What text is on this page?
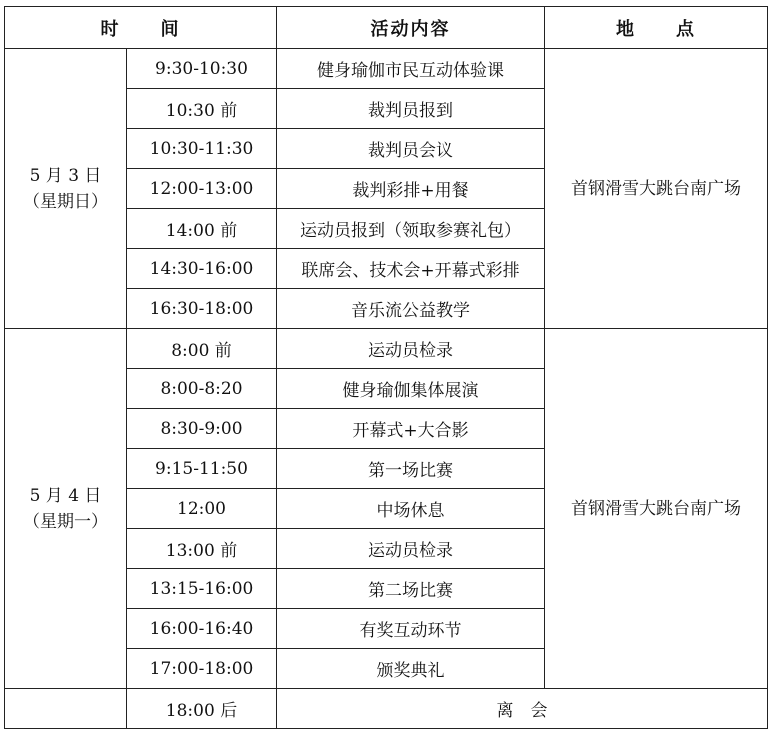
时　　间		活动内容	地　　点

5 月 3 日
（星期日）	9:30-10:30	健身瑜伽市民互动体验课	首钢滑雪大跳台南广场
	10:30 前	裁判员报到	
	10:30-11:30	裁判员会议	
	12:00-13:00	裁判彩排+用餐	
	14:00 前	运动员报到（领取参赛礼包）	
	14:30-16:00	联席会、技术会+开幕式彩排	
	16:30-18:00	音乐流公益教学	

5 月 4 日
（星期一）	8:00 前	运动员检录	首钢滑雪大跳台南广场
	8:00-8:20	健身瑜伽集体展演	
	8:30-9:00	开幕式+大合影	
	9:15-11:50	第一场比赛	
	12:00	中场休息	
	13:00 前	运动员检录	
	13:15-16:00	第二场比赛	
	16:00-16:40	有奖互动环节	
	17:00-18:00	颁奖典礼	
	18:00 后	离　会	
